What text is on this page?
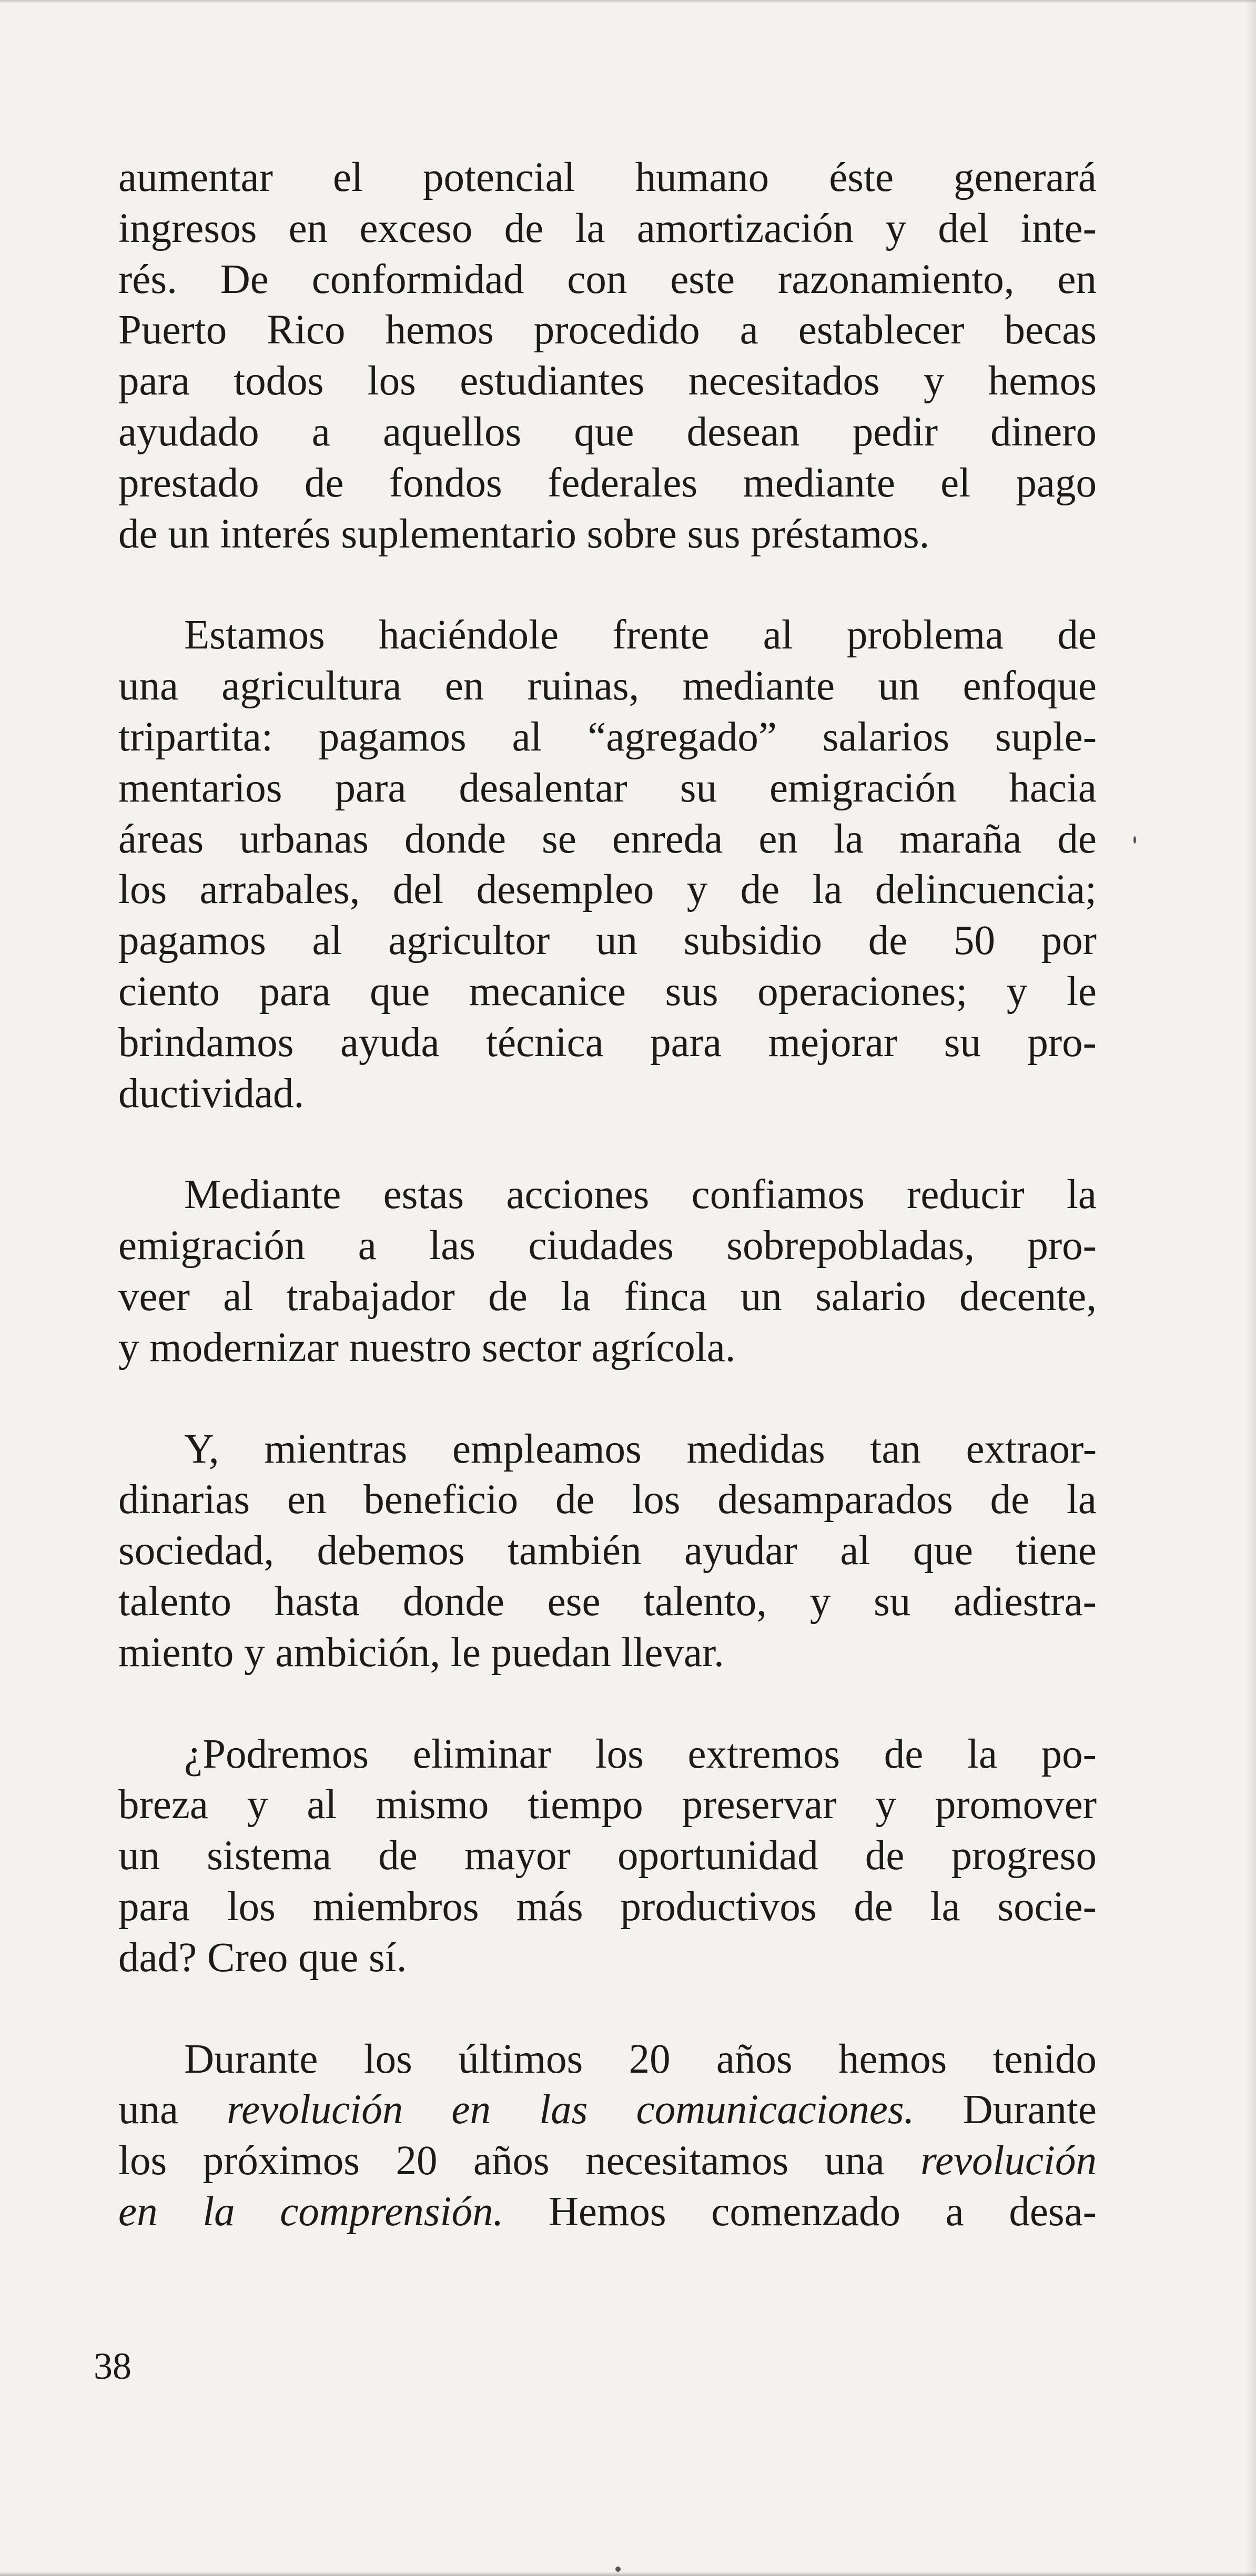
aumentar el potencial humano éste generará
ingresos en exceso de la amortización y del inte-
rés. De conformidad con este razonamiento, en
Puerto Rico hemos procedido a establecer becas
para todos los estudiantes necesitados y hemos
ayudado a aquellos que desean pedir dinero
prestado de fondos federales mediante el pago
de un interés suplementario sobre sus préstamos.

Estamos haciéndole frente al problema de
una agricultura en ruinas, mediante un enfoque
tripartita: pagamos al “agregado” salarios suple-
mentarios para desalentar su emigración hacia
áreas urbanas donde se enreda en la maraña de
los arrabales, del desempleo y de la delincuencia;
pagamos al agricultor un subsidio de 50 por
ciento para que mecanice sus operaciones; y le
brindamos ayuda técnica para mejorar su pro-
ductividad.

Mediante estas acciones confiamos reducir la
emigración a las ciudades sobrepobladas, pro-
veer al trabajador de la finca un salario decente,
y modernizar nuestro sector agrícola.

Y, mientras empleamos medidas tan extraor-
dinarias en beneficio de los desamparados de la
sociedad, debemos también ayudar al que tiene
talento hasta donde ese talento, y su adiestra-
miento y ambición, le puedan llevar.

¿Podremos eliminar los extremos de la po-
breza y al mismo tiempo preservar y promover
un sistema de mayor oportunidad de progreso
para los miembros más productivos de la socie-
dad? Creo que sí.

Durante los últimos 20 años hemos tenido
una revolución en las comunicaciones. Durante
los próximos 20 años necesitamos una revolución
en la comprensión. Hemos comenzado a desa-

38
